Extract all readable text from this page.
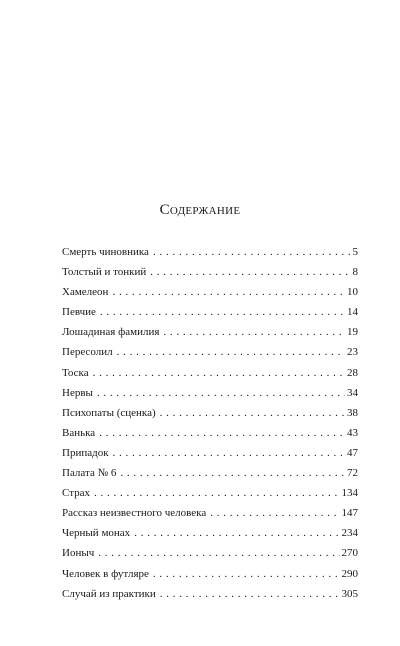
Содержание
Смерть чиновника . . .	5
Толстый и тонкий . . .	8
Хамелеон . . .	10
Певчие . . .	14
Лошадиная фамилия . . .	19
Пересолил . . .	23
Тоска . . .	28
Нервы . . .	34
Психопаты (сценка) . . .	38
Ванька . . .	43
Припадок . . .	47
Палата № 6 . . .	72
Страх . . .	134
Рассказ неизвестного человека . . .	147
Черный монах . . .	234
Ионыч . . .	270
Человек в футляре . . .	290
Случай из практики . . .	305
